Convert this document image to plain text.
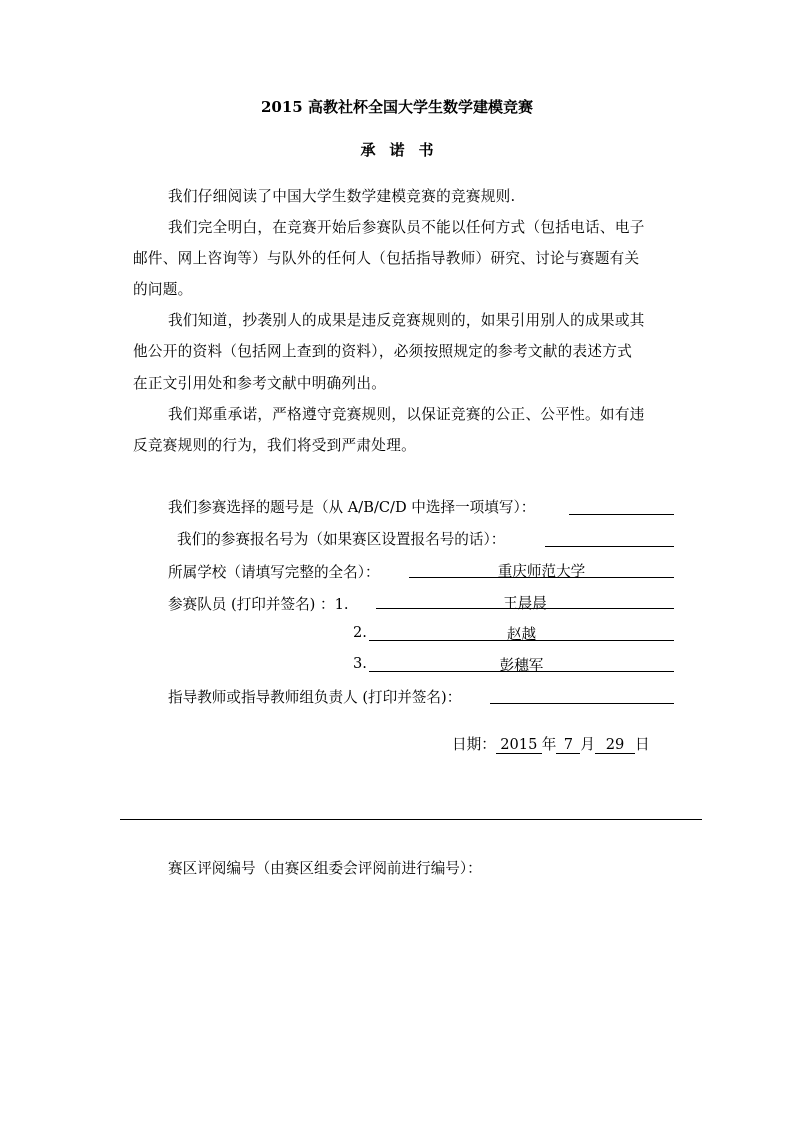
2015 高教社杯全国大学生数学建模竞赛
承诺书
我们仔细阅读了中国大学生数学建模竞赛的竞赛规则.
我们完全明白，在竞赛开始后参赛队员不能以任何方式（包括电话、电子
邮件、网上咨询等）与队外的任何人（包括指导教师）研究、讨论与赛题有关
的问题。
我们知道，抄袭别人的成果是违反竞赛规则的，如果引用别人的成果或其
他公开的资料（包括网上查到的资料），必须按照规定的参考文献的表述方式
在正文引用处和参考文献中明确列出。
我们郑重承诺，严格遵守竞赛规则，以保证竞赛的公正、公平性。如有违
反竞赛规则的行为，我们将受到严肃处理。
我们参赛选择的题号是（从 A/B/C/D 中选择一项填写）：
我们的参赛报名号为（如果赛区设置报名号的话）：
所属学校（请填写完整的全名）：	重庆师范大学
参赛队员 (打印并签名) ：1.	王晨晨
2.	赵越
3.	彭穗军
指导教师或指导教师组负责人 (打印并签名)：
日期： 2015 年 7 月 29 日
赛区评阅编号（由赛区组委会评阅前进行编号）：
